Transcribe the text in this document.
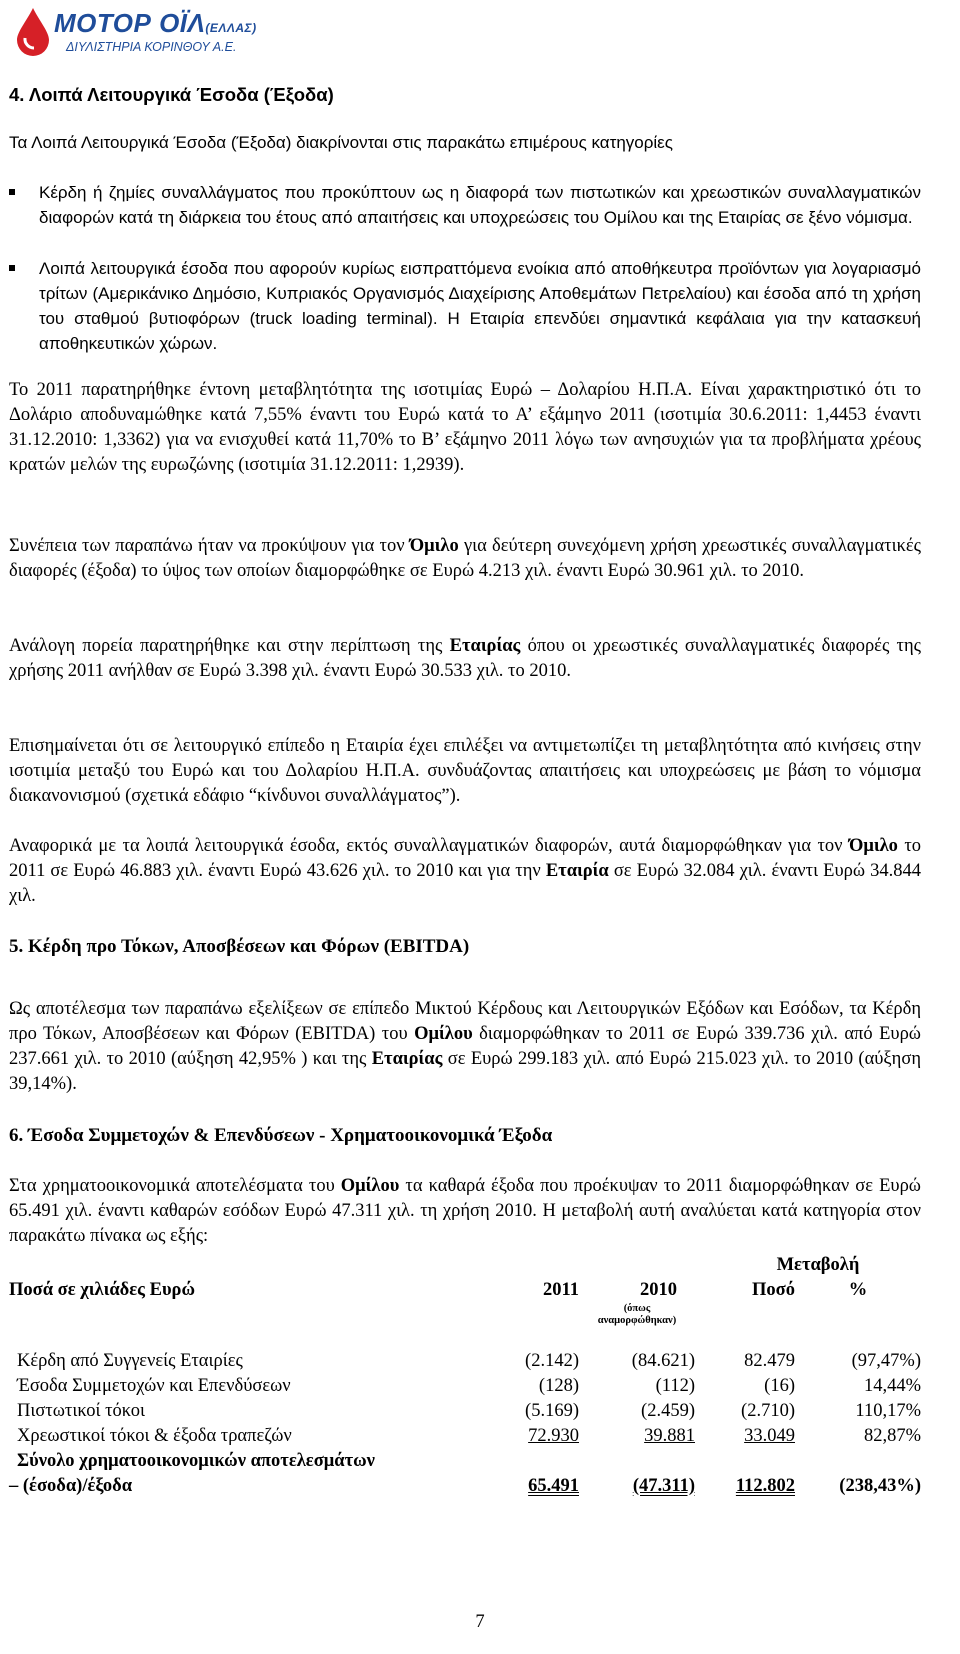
ΜΟΤΟΡ ΟΪΛ(ΕΛΛΑΣ)
ΔΙΥΛΙΣΤΗΡΙΑ ΚΟΡΙΝΘΟΥ Α.Ε.
4. Λοιπά Λειτουργικά Έσοδα (Έξοδα)

Τα Λοιπά Λειτουργικά Έσοδα (Έξοδα) διακρίνονται στις παρακάτω επιμέρους κατηγορίες

Κέρδη ή ζημίες συναλλάγματος που προκύπτουν ως η διαφορά των πιστωτικών και χρεωστικών συναλλαγματικών διαφορών κατά τη διάρκεια του έτους από απαιτήσεις και υποχρεώσεις του Ομίλου και της Εταιρίας σε ξένο νόμισμα.
Λοιπά λειτουργικά έσοδα που αφορούν κυρίως εισπραττόμενα ενοίκια από αποθήκευτρα προϊόντων για λογαριασμό τρίτων (Αμερικάνικο Δημόσιο, Κυπριακός Οργανισμός Διαχείρισης Αποθεμάτων Πετρελαίου) και έσοδα από τη χρήση του σταθμού βυτιοφόρων (truck loading terminal). Η Εταιρία επενδύει σημαντικά κεφάλαια για την κατασκευή αποθηκευτικών χώρων.

Το 2011 παρατηρήθηκε έντονη μεταβλητότητα της ισοτιμίας Ευρώ – Δολαρίου Η.Π.Α. Είναι χαρακτηριστικό ότι το Δολάριο αποδυναμώθηκε κατά 7,55% έναντι του Ευρώ κατά το Α’ εξάμηνο 2011 (ισοτιμία 30.6.2011: 1,4453 έναντι 31.12.2010: 1,3362) για να ενισχυθεί κατά 11,70% το Β’ εξάμηνο 2011 λόγω των ανησυχιών για τα προβλήματα χρέους κρατών μελών της ευρωζώνης (ισοτιμία 31.12.2011: 1,2939).

Συνέπεια των παραπάνω ήταν να προκύψουν για τον Όμιλο για δεύτερη συνεχόμενη χρήση χρεωστικές συναλλαγματικές διαφορές (έξοδα) το ύψος των οποίων διαμορφώθηκε σε Ευρώ 4.213 χιλ. έναντι Ευρώ 30.961 χιλ. το 2010.

Ανάλογη πορεία παρατηρήθηκε και στην περίπτωση της Εταιρίας όπου οι χρεωστικές συναλλαγματικές διαφορές της χρήσης 2011 ανήλθαν σε Ευρώ 3.398 χιλ. έναντι Ευρώ 30.533 χιλ. το 2010.

Επισημαίνεται ότι σε λειτουργικό επίπεδο η Εταιρία έχει επιλέξει να αντιμετωπίζει τη μεταβλητότητα από κινήσεις στην ισοτιμία μεταξύ του Ευρώ και του Δολαρίου Η.Π.Α. συνδυάζοντας απαιτήσεις και υποχρεώσεις με βάση το νόμισμα διακανονισμού (σχετικά εδάφιο “κίνδυνοι συναλλάγματος”).

Αναφορικά με τα λοιπά λειτουργικά έσοδα, εκτός συναλλαγματικών διαφορών, αυτά διαμορφώθηκαν για τον Όμιλο το 2011 σε Ευρώ 46.883 χιλ. έναντι Ευρώ 43.626 χιλ. το 2010 και για την Εταιρία σε Ευρώ 32.084 χιλ. έναντι Ευρώ 34.844 χιλ.

5. Κέρδη προ Τόκων, Αποσβέσεων και Φόρων (EBITDA)

Ως αποτέλεσμα των παραπάνω εξελίξεων σε επίπεδο Μικτού Κέρδους και Λειτουργικών Εξόδων και Εσόδων, τα Κέρδη προ Τόκων, Αποσβέσεων και Φόρων (EBITDA) του Ομίλου διαμορφώθηκαν το 2011 σε Ευρώ 339.736 χιλ. από Ευρώ 237.661 χιλ. το 2010 (αύξηση 42,95% ) και της Εταιρίας σε Ευρώ 299.183 χιλ. από Ευρώ 215.023 χιλ. το 2010 (αύξηση 39,14%).

6. Έσοδα Συμμετοχών & Επενδύσεων - Χρηματοοικονομικά Έξοδα

Στα χρηματοοικονομικά αποτελέσματα του Ομίλου τα καθαρά έξοδα που προέκυψαν το 2011 διαμορφώθηκαν σε Ευρώ 65.491 χιλ. έναντι καθαρών εσόδων Ευρώ 47.311 χιλ. τη χρήση 2010. Η μεταβολή αυτή αναλύεται κατά κατηγορία στον παρακάτω πίνακα ως εξής:

			Μεταβολή	
Ποσά σε χιλιάδες Ευρώ	2011	2010	Ποσό	%

		(όπως
αναμορφώθηκαν)		

Κέρδη από Συγγενείς Εταιρίες	(2.142)	(84.621)	82.479	(97,47%)
Έσοδα Συμμετοχών και Επενδύσεων	(128)	(112)	(16)	14,44%
Πιστωτικοί τόκοι	(5.169)	(2.459)	(2.710)	110,17%
Χρεωστικοί τόκοι & έξοδα τραπεζών	72.930	39.881	33.049	82,87%
Σύνολο χρηματοοικονομικών αποτελεσμάτων				
– (έσοδα)/έξοδα	65.491	(47.311)	112.802	(238,43%)
7
